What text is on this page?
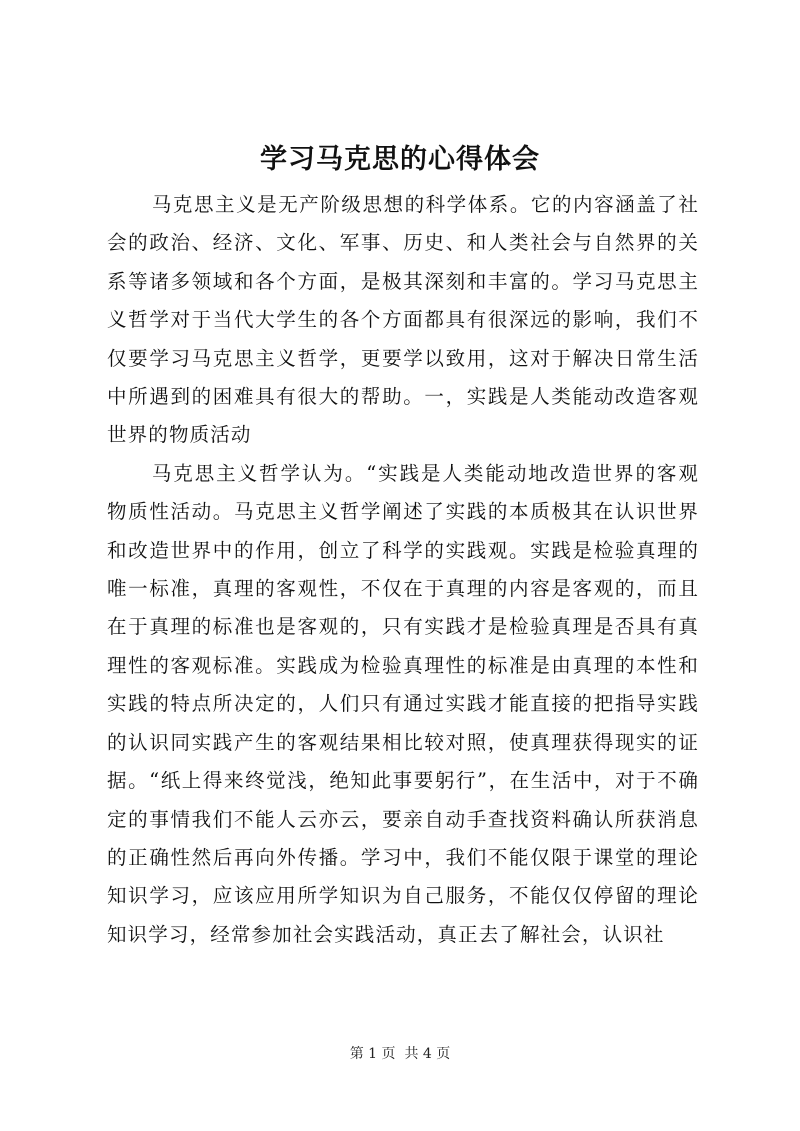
学习马克思的心得体会

马克思主义是无产阶级思想的科学体系。它的内容涵盖了社会的政治、经济、文化、军事、历史、和人类社会与自然界的关系等诸多领域和各个方面，是极其深刻和丰富的。学习马克思主义哲学对于当代大学生的各个方面都具有很深远的影响，我们不仅要学习马克思主义哲学，更要学以致用，这对于解决日常生活中所遇到的困难具有很大的帮助。一，实践是人类能动改造客观世界的物质活动

马克思主义哲学认为。“实践是人类能动地改造世界的客观物质性活动。马克思主义哲学阐述了实践的本质极其在认识世界和改造世界中的作用，创立了科学的实践观。实践是检验真理的唯一标准，真理的客观性，不仅在于真理的内容是客观的，而且在于真理的标准也是客观的，只有实践才是检验真理是否具有真理性的客观标准。实践成为检验真理性的标准是由真理的本性和实践的特点所决定的，人们只有通过实践才能直接的把指导实践的认识同实践产生的客观结果相比较对照，使真理获得现实的证据。“纸上得来终觉浅，绝知此事要躬行”，在生活中，对于不确定的事情我们不能人云亦云，要亲自动手查找资料确认所获消息的正确性然后再向外传播。学习中，我们不能仅限于课堂的理论知识学习，应该应用所学知识为自己服务，不能仅仅停留的理论知识学习，经常参加社会实践活动，真正去了解社会，认识社

第 1 页 共 4 页
